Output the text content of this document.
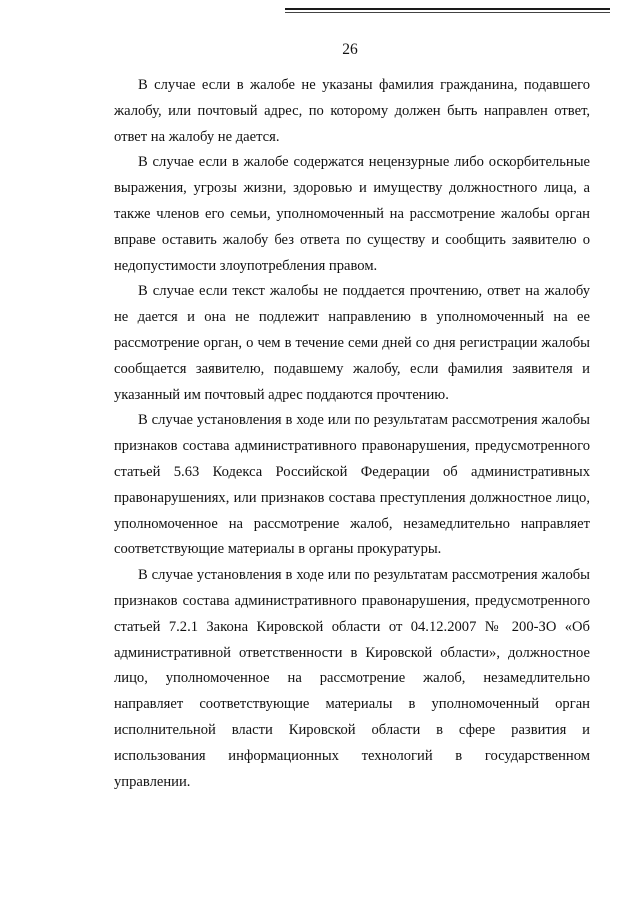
26

В случае если в жалобе не указаны фамилия гражданина, подавшего жалобу, или почтовый адрес, по которому должен быть направлен ответ, ответ на жалобу не дается.

В случае если в жалобе содержатся нецензурные либо оскорбительные выражения, угрозы жизни, здоровью и имуществу должностного лица, а также членов его семьи, уполномоченный на рассмотрение жалобы орган вправе оставить жалобу без ответа по существу и сообщить заявителю о недопустимости злоупотребления правом.

В случае если текст жалобы не поддается прочтению, ответ на жалобу не дается и она не подлежит направлению в уполномоченный на ее рассмотрение орган, о чем в течение семи дней со дня регистрации жалобы сообщается заявителю, подавшему жалобу, если фамилия заявителя и указанный им почтовый адрес поддаются прочтению.

В случае установления в ходе или по результатам рассмотрения жалобы признаков состава административного правонарушения, предусмотренного статьей 5.63 Кодекса Российской Федерации об административных правонарушениях, или признаков состава преступления должностное лицо, уполномоченное на рассмотрение жалоб, незамедлительно направляет соответствующие материалы в органы прокуратуры.

В случае установления в ходе или по результатам рассмотрения жалобы признаков состава административного правонарушения, предусмотренного статьей 7.2.1 Закона Кировской области от 04.12.2007 № 200-ЗО «Об административной ответственности в Кировской области», должностное лицо, уполномоченное на рассмотрение жалоб, незамедлительно направляет соответствующие материалы в уполномоченный орган исполнительной власти Кировской области в сфере развития и использования информационных технологий в государственном управлении.
